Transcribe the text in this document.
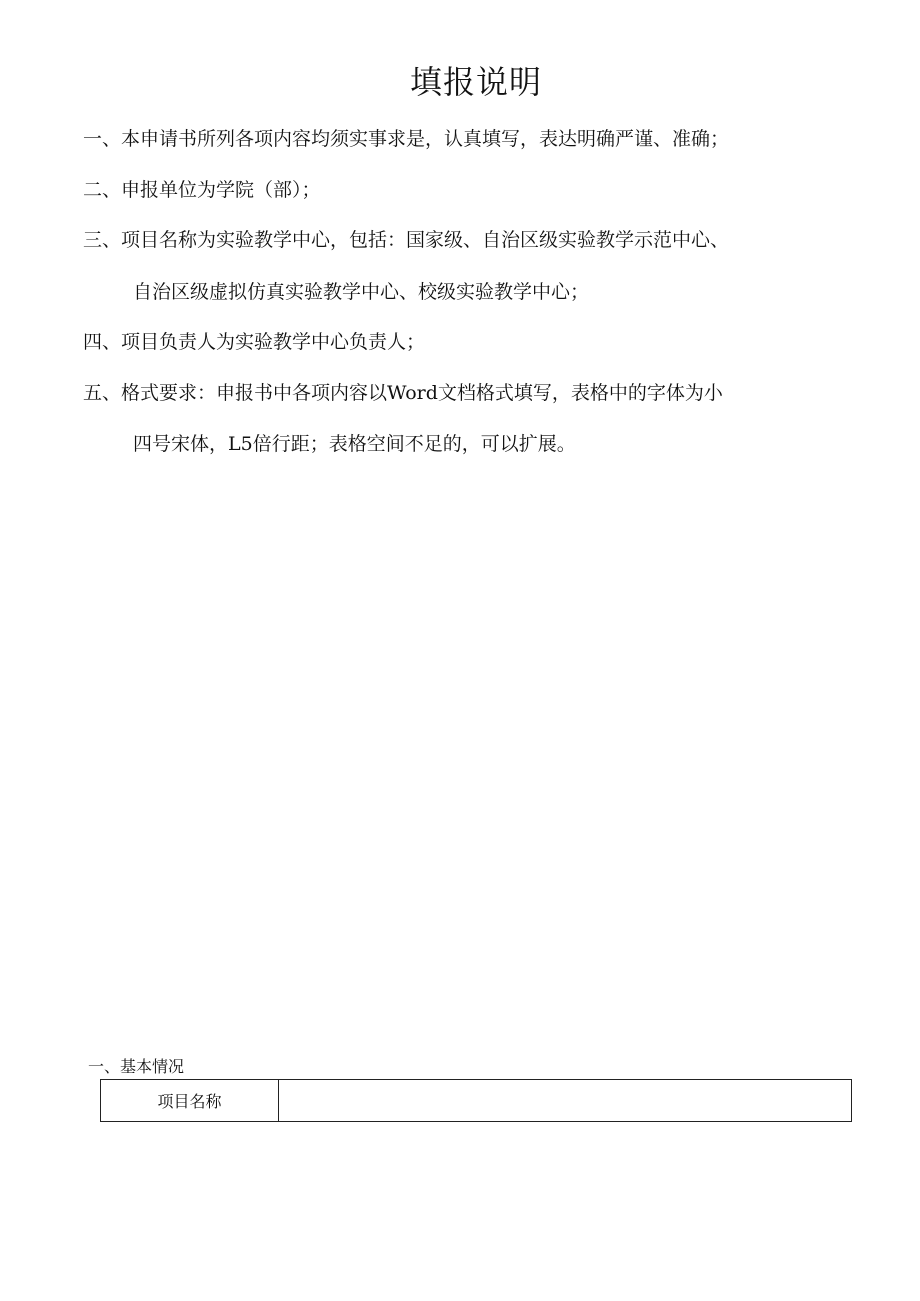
填报说明
一、本申请书所列各项内容均须实事求是，认真填写，表达明确严谨、准确；
二、申报单位为学院（部）；
三、项目名称为实验教学中心，包括：国家级、自治区级实验教学示范中心、
自治区级虚拟仿真实验教学中心、校级实验教学中心；
四、项目负责人为实验教学中心负责人；
五、格式要求：申报书中各项内容以Word文档格式填写，表格中的字体为小
四号宋体，L5倍行距；表格空间不足的，可以扩展。
一、基本情况
项目名称	
